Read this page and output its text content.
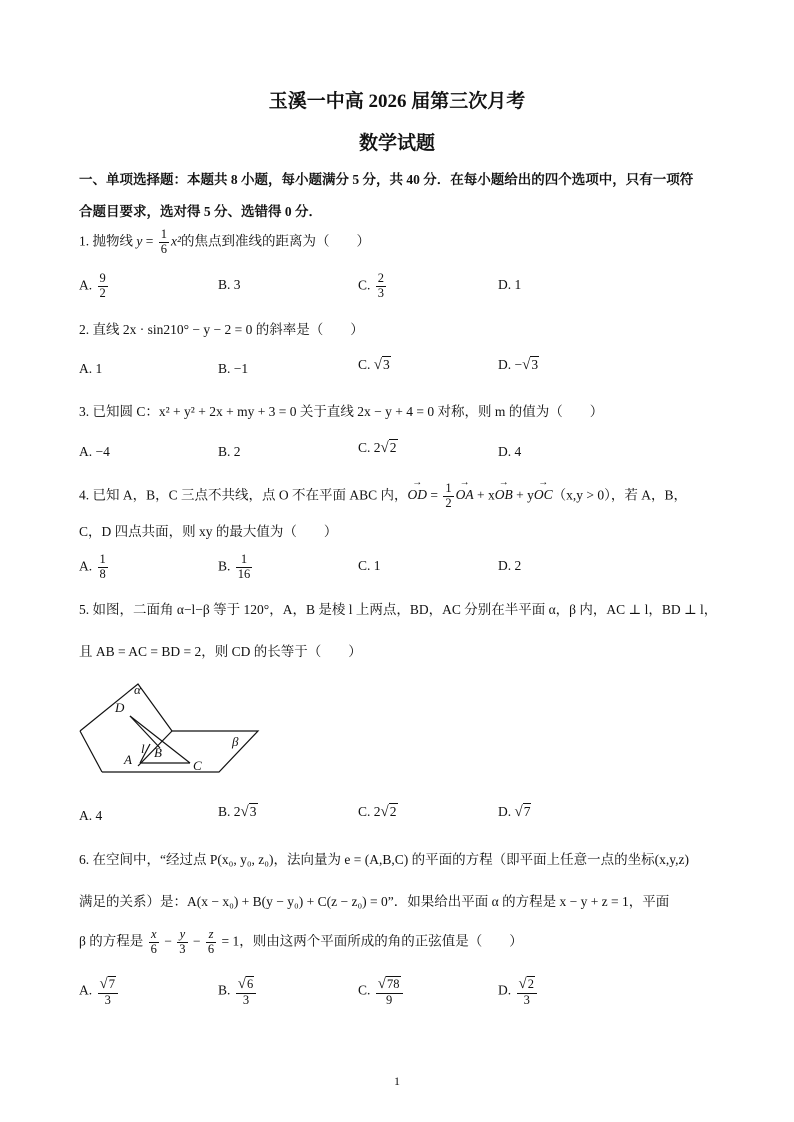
玉溪一中高 2026 届第三次月考
数学试题
一、单项选择题：本题共 8 小题，每小题满分 5 分，共 40 分．在每小题给出的四个选项中，只有一项符
合题目要求，选对得 5 分、选错得 0 分．
1. 抛物线 $y = \frac{1}{6} x^2$的焦点到准线的距离为（　　）
A. $\frac{9}{2}$	B. 3	C. $\frac{2}{3}$	D. 1
2. 直线 2x · sin210° − y − 2 = 0 的斜率是（　　）
A. 1	B. −1	C. √3	D. −√3
3. 已知圆 C：x² + y² + 2x + my + 3 = 0 关于直线 2x − y + 4 = 0 对称，则 m 的值为（　　）
A. −4	B. 2	C. 2√2	D. 4
4. 已知 A，B，C 三点不共线，点 O 不在平面 ABC 内，→ OD = $\frac{1}{2}$
→ OA + x→ OB + y→ OC（x,y > 0），若 A，B，
C，D 四点共面，则 xy 的最大值为（　　）
A. $\frac{1}{8}$	B. $\frac{1}{16}$	C. 1	D. 2
5. 如图，二面角 α−l−β 等于 120°，A，B 是棱 l 上两点，BD，AC 分别在半平面 α，β 内，AC ⊥ l，BD ⊥ l，
且 AB = AC = BD = 2，则 CD 的长等于（　　）
α
β
D
A
l B
C
A. 4	B. 2√3	C. 2√2	D. √7
6. 在空间中，“经过点 P(x₀, y₀, z₀)，法向量为 e = (A,B,C) 的平面的方程（即平面上任意一点的坐标(x,y,z)
满足的关系）是：A(x − x₀) + B(y − y₀) + C(z − z₀) = 0”．如果给出平面 α 的方程是 x − y + z = 1，平面
β 的方程是 $\frac{x}{6} - \frac{y}{3} - \frac{z}{6} = 1$，则由这两个平面所成的角的正弦值是（　　）
A. $\frac{√7}{3}$	B. $\frac{√6}{3}$	C. $\frac{√78}{9}$	D. $\frac{√2}{3}$
1
